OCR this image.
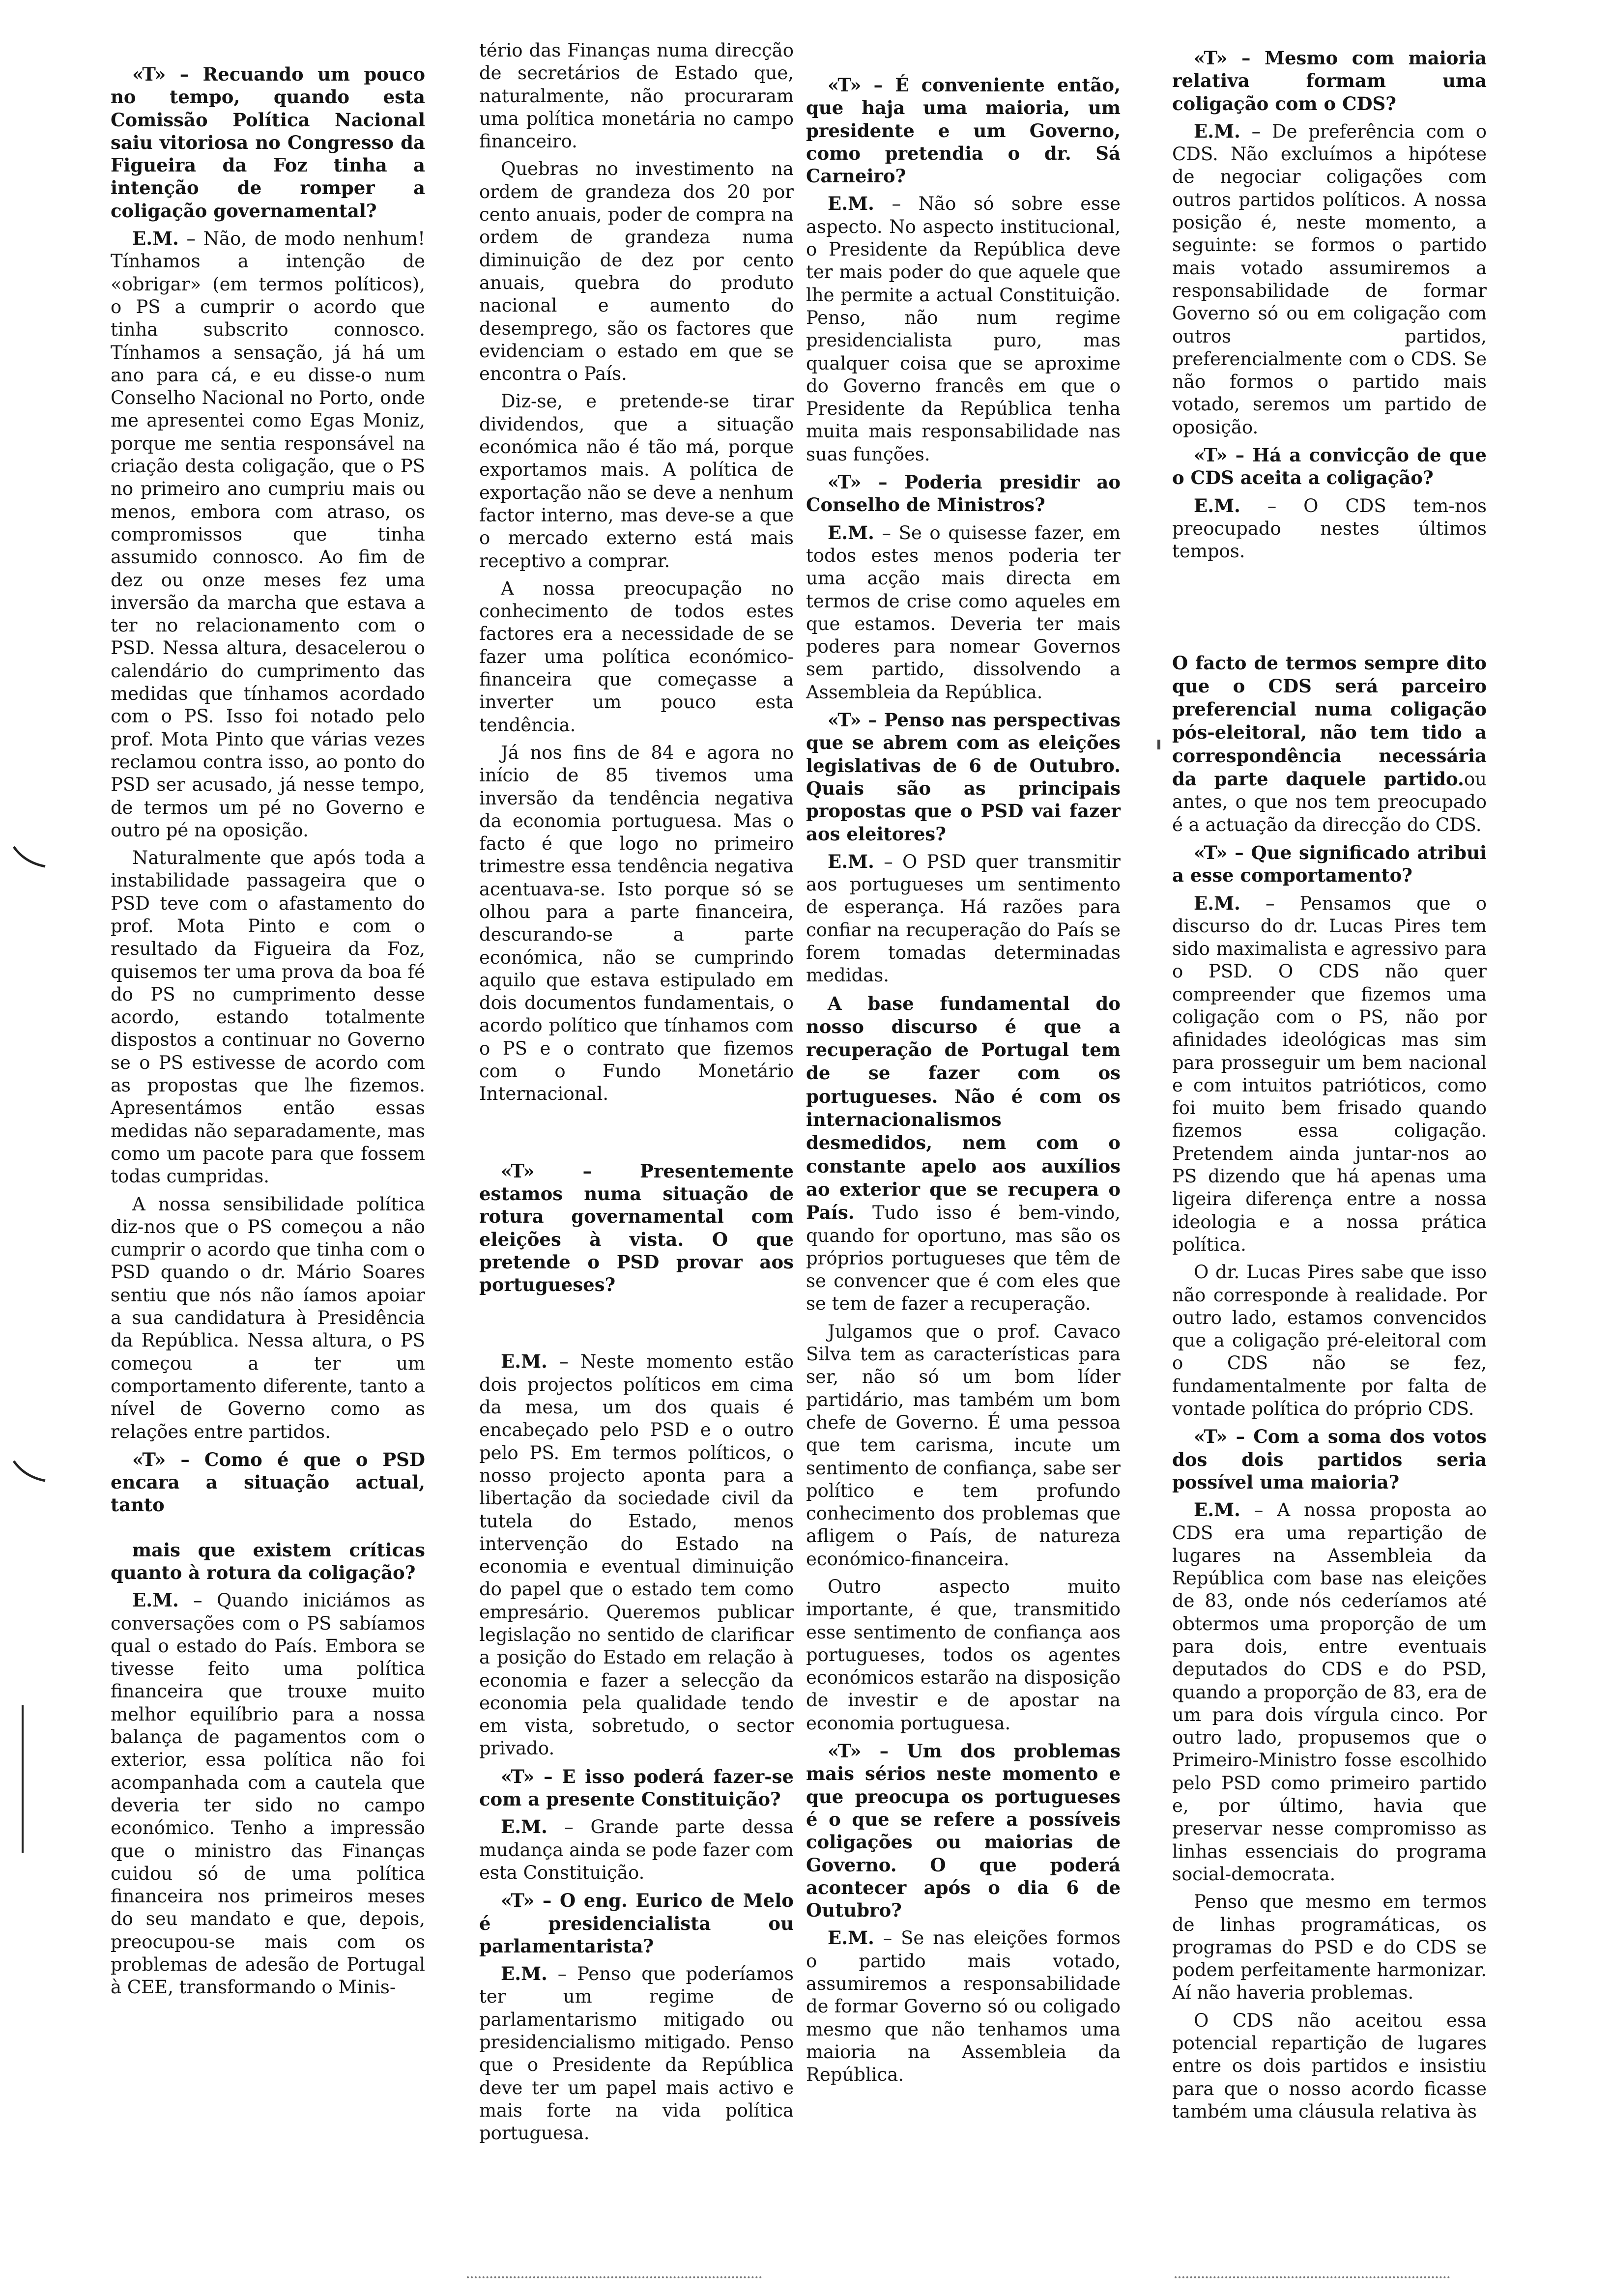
«T» – Recuando um pouco no tempo, quando esta Comissão Política Nacional saiu vitoriosa no Congresso da Figueira da Foz tinha a intenção de romper a coligação governamental?

E.M. – Não, de modo nenhum! Tínhamos a intenção de «obrigar» (em termos políticos), o PS a cumprir o acordo que tinha subscrito connosco. Tínhamos a sensação, já há um ano para cá, e eu disse-o num Conselho Nacional no Porto, onde me apresentei como Egas Moniz, porque me sentia responsável na criação desta coligação, que o PS no primeiro ano cumpriu mais ou menos, embora com atraso, os compromissos que tinha assumido connosco. Ao fim de dez ou onze meses fez uma inversão da marcha que estava a ter no relacionamento com o PSD. Nessa altura, desacelerou o calendário do cumprimento das medidas que tínhamos acordado com o PS. Isso foi notado pelo prof. Mota Pinto que várias vezes reclamou contra isso, ao ponto do PSD ser acusado, já nesse tempo, de termos um pé no Governo e outro pé na oposição.

Naturalmente que após toda a instabilidade passageira que o PSD teve com o afastamento do prof. Mota Pinto e com o resultado da Figueira da Foz, quisemos ter uma prova da boa fé do PS no cumprimento desse acordo, estando totalmente dispostos a continuar no Governo se o PS estivesse de acordo com as propostas que lhe fizemos. Apresentámos então essas medidas não separadamente, mas como um pacote para que fossem todas cumpridas.

A nossa sensibilidade política diz-nos que o PS começou a não cumprir o acordo que tinha com o PSD quando o dr. Mário Soares sentiu que nós não íamos apoiar a sua candidatura à Presidência da República. Nessa altura, o PS começou a ter um comportamento diferente, tanto a nível de Governo como as relações entre partidos.

«T» – Como é que o PSD encara a situação actual, tanto

mais que existem críticas quanto à rotura da coligação?

E.M. – Quando iniciámos as conversações com o PS sabíamos qual o estado do País. Embora se tivesse feito uma política financeira que trouxe muito melhor equilíbrio para a nossa balança de pagamentos com o exterior, essa política não foi acompanhada com a cautela que deveria ter sido no campo económico. Tenho a impressão que o ministro das Finanças cuidou só de uma política financeira nos primeiros meses do seu mandato e que, depois, preocupou-se mais com os problemas de adesão de Portugal à CEE, transformando o Minis-

tério das Finanças numa direcção de secretários de Estado que, naturalmente, não procuraram uma política monetária no campo financeiro.

Quebras no investimento na ordem de grandeza dos 20 por cento anuais, poder de compra na ordem de grandeza numa diminuição de dez por cento anuais, quebra do produto nacional e aumento do desemprego, são os factores que evidenciam o estado em que se encontra o País.

Diz-se, e pretende-se tirar dividendos, que a situação económica não é tão má, porque exportamos mais. A política de exportação não se deve a nenhum factor interno, mas deve-se a que o mercado externo está mais receptivo a comprar.

A nossa preocupação no conhecimento de todos estes factores era a necessidade de se fazer uma política económico-financeira que começasse a inverter um pouco esta tendência.

Já nos fins de 84 e agora no início de 85 tivemos uma inversão da tendência negativa da economia portuguesa. Mas o facto é que logo no primeiro trimestre essa tendência negativa acentuava-se. Isto porque só se olhou para a parte financeira, descurando-se a parte económica, não se cumprindo aquilo que estava estipulado em dois documentos fundamentais, o acordo político que tínhamos com o PS e o contrato que fizemos com o Fundo Monetário Internacional.

«T» – Presentemente estamos numa situação de rotura governamental com eleições à vista. O que pretende o PSD provar aos portugueses?

E.M. – Neste momento estão dois projectos políticos em cima da mesa, um dos quais é encabeçado pelo PSD e o outro pelo PS. Em termos políticos, o nosso projecto aponta para a libertação da sociedade civil da tutela do Estado, menos intervenção do Estado na economia e eventual diminuição do papel que o estado tem como empresário. Queremos publicar legislação no sentido de clarificar a posição do Estado em relação à economia e fazer a selecção da economia pela qualidade tendo em vista, sobretudo, o sector privado.

«T» – E isso poderá fazer-se com a presente Constituição?

E.M. – Grande parte dessa mudança ainda se pode fazer com esta Constituição.

«T» – O eng. Eurico de Melo é presidencialista ou parlamentarista?

E.M. – Penso que poderíamos ter um regime de parlamentarismo mitigado ou presidencialismo mitigado. Penso que o Presidente da República deve ter um papel mais activo e mais forte na vida política portuguesa.

«T» – É conveniente então, que haja uma maioria, um presidente e um Governo, como pretendia o dr. Sá Carneiro?

E.M. – Não só sobre esse aspecto. No aspecto institucional, o Presidente da República deve ter mais poder do que aquele que lhe permite a actual Constituição. Penso, não num regime presidencialista puro, mas qualquer coisa que se aproxime do Governo francês em que o Presidente da República tenha muita mais responsabilidade nas suas funções.

«T» – Poderia presidir ao Conselho de Ministros?

E.M. – Se o quisesse fazer, em todos estes menos poderia ter uma acção mais directa em termos de crise como aqueles em que estamos. Deveria ter mais poderes para nomear Governos sem partido, dissolvendo a Assembleia da República.

«T» – Penso nas perspectivas que se abrem com as eleições legislativas de 6 de Outubro. Quais são as principais propostas que o PSD vai fazer aos eleitores?

E.M. – O PSD quer transmitir aos portugueses um sentimento de esperança. Há razões para confiar na recuperação do País se forem tomadas determinadas medidas.

A base fundamental do nosso discurso é que a recuperação de Portugal tem de se fazer com os portugueses. Não é com os internacionalismos desmedidos, nem com o constante apelo aos auxílios ao exterior que se recupera o País. Tudo isso é bem-vindo, quando for oportuno, mas são os próprios portugueses que têm de se convencer que é com eles que se tem de fazer a recuperação.

Julgamos que o prof. Cavaco Silva tem as características para ser, não só um bom líder partidário, mas também um bom chefe de Governo. É uma pessoa que tem carisma, incute um sentimento de confiança, sabe ser político e tem profundo conhecimento dos problemas que afligem o País, de natureza económico-financeira.

Outro aspecto muito importante, é que, transmitido esse sentimento de confiança aos portugueses, todos os agentes económicos estarão na disposição de investir e de apostar na economia portuguesa.

«T» – Um dos problemas mais sérios neste momento e que preocupa os portugueses é o que se refere a possíveis coligações ou maiorias de Governo. O que poderá acontecer após o dia 6 de Outubro?

E.M. – Se nas eleições formos o partido mais votado, assumiremos a responsabilidade de formar Governo só ou coligado mesmo que não tenhamos uma maioria na Assembleia da República.

«T» – Mesmo com maioria relativa formam uma coligação com o CDS?

E.M. – De preferência com o CDS. Não excluímos a hipótese de negociar coligações com outros partidos políticos. A nossa posição é, neste momento, a seguinte: se formos o partido mais votado assumiremos a responsabilidade de formar Governo só ou em coligação com outros partidos, preferencialmente com o CDS. Se não formos o partido mais votado, seremos um partido de oposição.

«T» – Há a convicção de que o CDS aceita a coligação?

E.M. – O CDS tem-nos preocupado nestes últimos tempos.

O facto de termos sempre dito que o CDS será parceiro preferencial numa coligação pós-eleitoral, não tem tido a correspondência necessária da parte daquele partido.ou antes, o que nos tem preocupado é a actuação da direcção do CDS.

«T» – Que significado atribui a esse comportamento?

E.M. – Pensamos que o discurso do dr. Lucas Pires tem sido maximalista e agressivo para o PSD. O CDS não quer compreender que fizemos uma coligação com o PS, não por afinidades ideológicas mas sim para prosseguir um bem nacional e com intuitos patrióticos, como foi muito bem frisado quando fizemos essa coligação. Pretendem ainda juntar-nos ao PS dizendo que há apenas uma ligeira diferença entre a nossa ideologia e a nossa prática política.

O dr. Lucas Pires sabe que isso não corresponde à realidade. Por outro lado, estamos convencidos que a coligação pré-eleitoral com o CDS não se fez, fundamentalmente por falta de vontade política do próprio CDS.

«T» – Com a soma dos votos dos dois partidos seria possível uma maioria?

E.M. – A nossa proposta ao CDS era uma repartição de lugares na Assembleia da República com base nas eleições de 83, onde nós cederíamos até obtermos uma proporção de um para dois, entre eventuais deputados do CDS e do PSD, quando a proporção de 83, era de um para dois vírgula cinco. Por outro lado, propusemos que o Primeiro-Ministro fosse escolhido pelo PSD como primeiro partido e, por último, havia que preservar nesse compromisso as linhas essenciais do programa social-democrata.

Penso que mesmo em termos de linhas programáticas, os programas do PSD e do CDS se podem perfeitamente harmonizar. Aí não haveria problemas.

O CDS não aceitou essa potencial repartição de lugares entre os dois partidos e insistiu para que o nosso acordo ficasse também uma cláusula relativa às
